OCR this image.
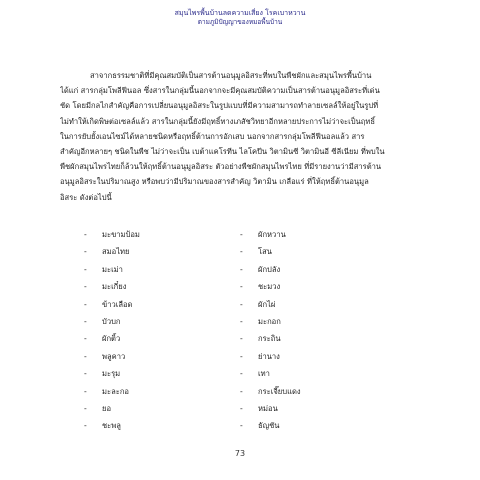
สมุนไพรพื้นบ้านลดความเสี่ยง โรคเบาหวาน
ตามภูมิปัญญาของหมอพื้นบ้าน
สาจากธรรมชาติที่มีคุณสมบัติเป็นสารต้านอนุมูลอิสระที่พบในพืชผักและสมุนไพรพื้นบ้าน
ได้แก่ สารกลุ่มโพลีฟีนอล ซึ่งสารในกลุ่มนี้นอกจากจะมีคุณสมบัติความเป็นสารต้านอนุมูลอิสระที่เด่น
ชัด โดยมีกลไกสำคัญคือการเปลี่ยนอนุมูลอิสระในรูปแบบที่มีความสามารถทำลายเซลล์ให้อยู่ในรูปที่
ไม่ทำให้เกิดพิษต่อเซลล์แล้ว สารในกลุ่มนี้ยังมีฤทธิ์ทางเภสัชวิทยาอีกหลายประการไม่ว่าจะเป็นฤทธิ์
ในการยับยั้งเอนไซม์ได้หลายชนิดหรือฤทธิ์ต้านการอักเสบ นอกจากสารกลุ่มโพลีฟีนอลแล้ว สาร
สำคัญอีกหลายๆ ชนิดในพืช ไม่ว่าจะเป็น เบต้าแคโรทีน ไลโคปีน วิตามินซี วิตามินอี ซีลีเนียม ที่พบใน
พืชผักสมุนไพรไทยก็ล้วนให้ฤทธิ์ต้านอนุมูลอิสระ ตัวอย่างพืชผักสมุนไพรไทย ที่มีรายงานว่ามีสารต้าน
อนุมูลอิสระในปริมาณสูง หรือพบว่ามีปริมาณของสารสำคัญ วิตามิน เกลือแร่ ที่ให้ฤทธิ์ต้านอนุมูล
อิสระ ดังต่อไปนี้
- มะขามป้อม
- สมอไทย
- มะเม่า
- มะเกี๋ยง
- ข้าวเลือด
- บัวบก
- ผักติ้ว
- พลูคาว
- มะรุม
- มะละกอ
- ยอ
- ชะพลู
- ผักหวาน
- โสน
- ผักปลัง
- ชะมวง
- ผักไผ่
- มะกอก
- กระถิน
- ย่านาง
- เทา
- กระเจี๊ยบแดง
- หม่อน
- ธัญชัน
73
